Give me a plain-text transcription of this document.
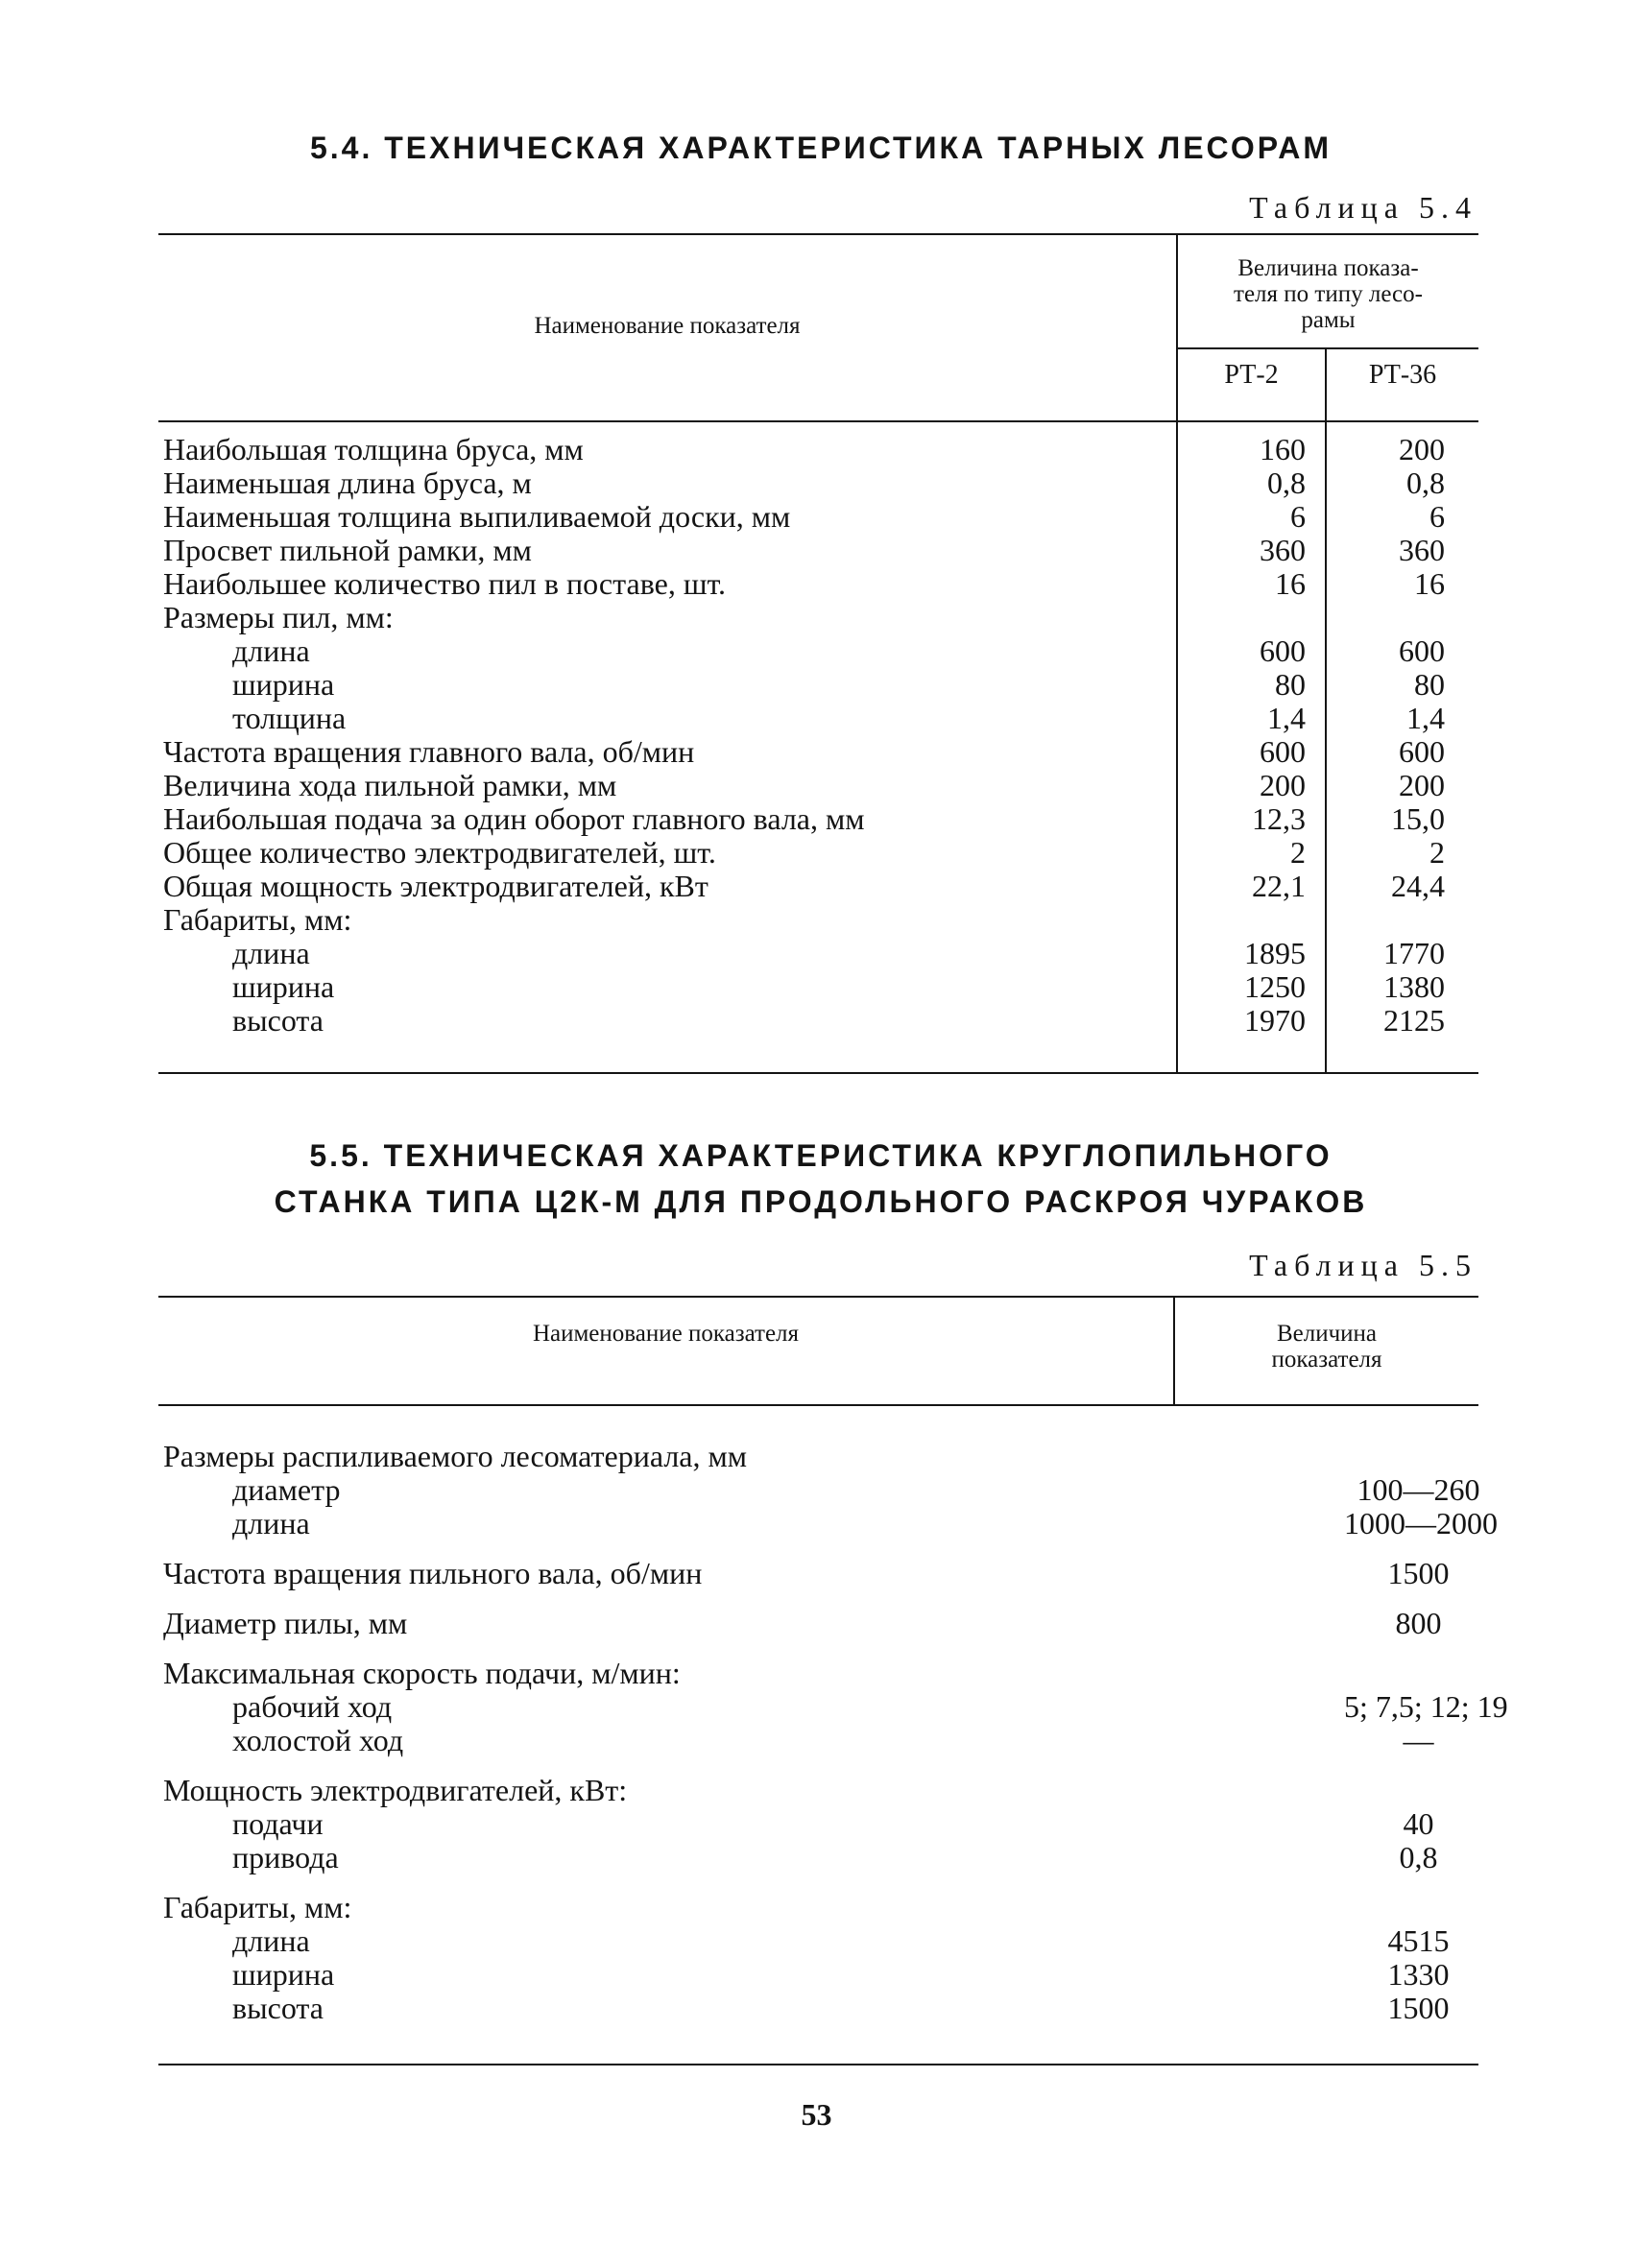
5.4. ТЕХНИЧЕСКАЯ ХАРАКТЕРИСТИКА ТАРНЫХ ЛЕСОРАМ

Таблица 5.4

Наименование показателя
Величина показа-
теля по типу лесо-
рамы
РТ-2	РТ-36
Наибольшая толщина бруса, мм	160	200
Наименьшая длина бруса, м	0,8	0,8
Наименьшая толщина выпиливаемой доски, мм	6	6
Просвет пильной рамки, мм	360	360
Наибольшее количество пил в поставе, шт.	16	16
Размеры пил, мм:
длина	600	600
ширина	80	80
толщина	1,4	1,4
Частота вращения главного вала, об/мин	600	600
Величина хода пильной рамки, мм	200	200
Наибольшая подача за один оборот главного вала, мм	12,3	15,0
Общее количество электродвигателей, шт.	2	2
Общая мощность электродвигателей, кВт	22,1	24,4
Габариты, мм:
длина	1895	1770
ширина	1250	1380
высота	1970	2125
5.5. ТЕХНИЧЕСКАЯ ХАРАКТЕРИСТИКА КРУГЛОПИЛЬНОГО
СТАНКА ТИПА Ц2К-М ДЛЯ ПРОДОЛЬНОГО РАСКРОЯ ЧУРАКОВ

Таблица 5.5

Наименование показателя	Величина
показателя
Размеры распиливаемого лесоматериала, мм
диаметр	100—260
длина	1000—2000
Частота вращения пильного вала, об/мин	1500
Диаметр пилы, мм	800
Максимальная скорость подачи, м/мин:
рабочий ход	5; 7,5; 12; 19
холостой ход	—
Мощность электродвигателей, кВт:
подачи	40
привода	0,8
Габариты, мм:
длина	4515
ширина	1330
высота	1500

53
